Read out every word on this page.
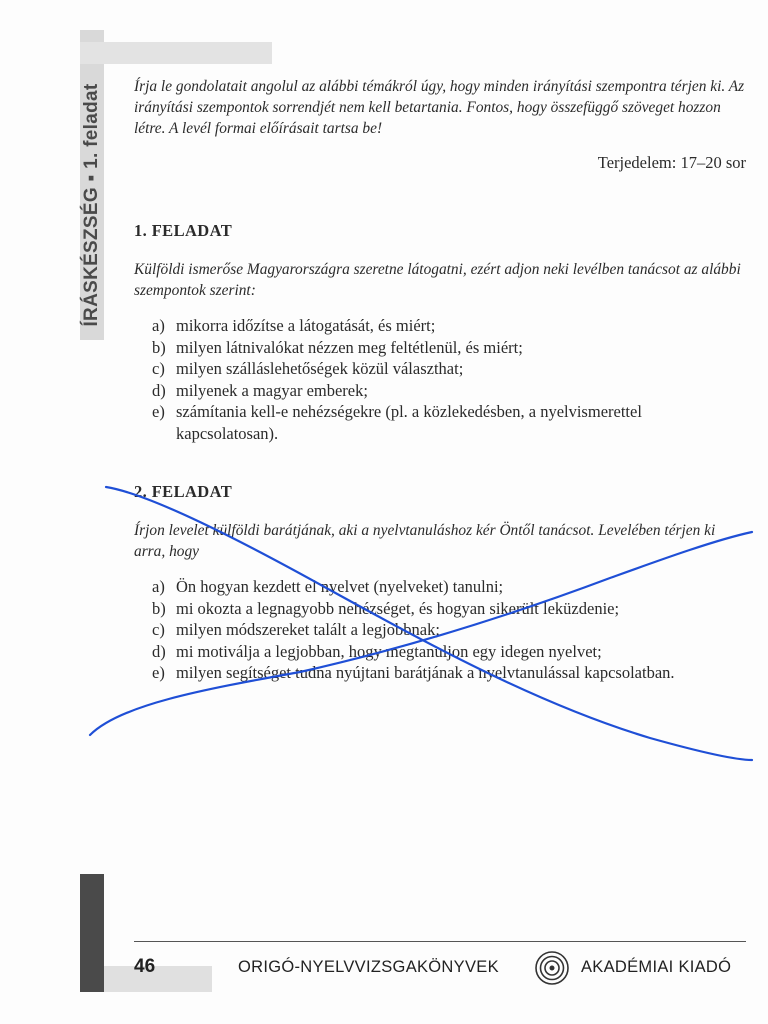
ÍRÁSKÉSZSÉG ▪ 1. feladat Írja le gondolatait angolul az alábbi témákról úgy, hogy minden irányítási szempontra térjen ki. Az irányítási szempontok sorrendjét nem kell betartania. Fontos, hogy összefüggő szöveget hozzon létre. A levél formai előírásait tartsa be!

Terjedelem: 17–20 sor

1. FELADAT

Külföldi ismerőse Magyarországra szeretne látogatni, ezért adjon neki levélben tanácsot az alábbi szempontok szerint:

a) mikorra időzítse a látogatását, és miért;
b) milyen látnivalókat nézzen meg feltétlenül, és miért;
c) milyen szálláslehetőségek közül választhat;
d) milyenek a magyar emberek;
e) számítania kell-e nehézségekre (pl. a közlekedésben, a nyelvismerettel kapcsolatosan).

2. FELADAT

Írjon levelet külföldi barátjának, aki a nyelvtanuláshoz kér Öntől tanácsot. Levelében térjen ki arra, hogy

a) Ön hogyan kezdett el nyelvet (nyelveket) tanulni;
b) mi okozta a legnagyobb nehézséget, és hogyan sikerült leküzdenie;
c) milyen módszereket talált a legjobbnak;
d) mi motiválja a legjobban, hogy megtanuljon egy idegen nyelvet;
e) milyen segítséget tudna nyújtani barátjának a nyelvtanulással kapcsolatban.
46	ORIGÓ-NYELVVIZSGAKÖNYVEK	AKADÉMIAI KIADÓ
